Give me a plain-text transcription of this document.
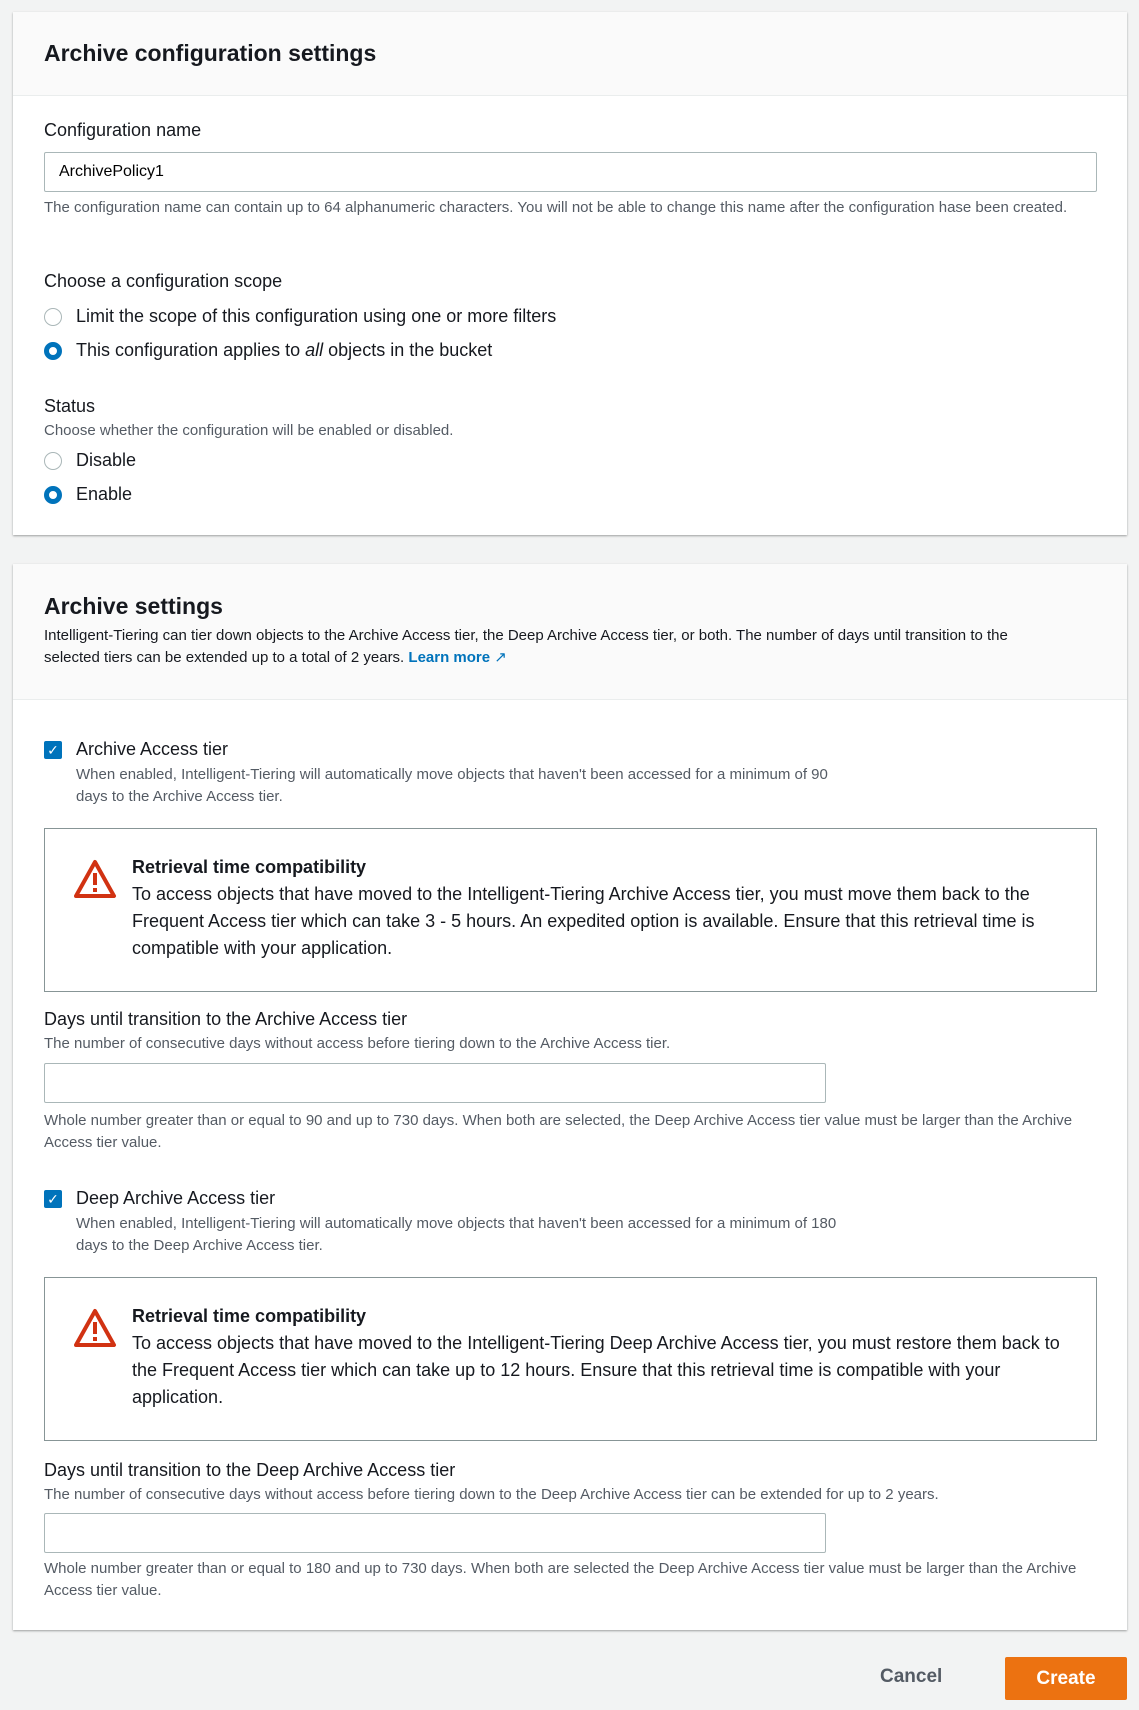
Archive configuration settings
Configuration name
ArchivePolicy1
The configuration name can contain up to 64 alphanumeric characters. You will not be able to change this name after the configuration hase been created.
Choose a configuration scope
Limit the scope of this configuration using one or more filters
This configuration applies to all objects in the bucket
Status
Choose whether the configuration will be enabled or disabled.
Disable
Enable
Archive settings
Intelligent-Tiering can tier down objects to the Archive Access tier, the Deep Archive Access tier, or both. The number of days until transition to the selected tiers can be extended up to a total of 2 years. Learn more ↗
✓ Archive Access tier
When enabled, Intelligent-Tiering will automatically move objects that haven't been accessed for a minimum of 90 days to the Archive Access tier.
Retrieval time compatibility
To access objects that have moved to the Intelligent-Tiering Archive Access tier, you must move them back to the Frequent Access tier which can take 3 - 5 hours. An expedited option is available. Ensure that this retrieval time is compatible with your application.
Days until transition to the Archive Access tier
The number of consecutive days without access before tiering down to the Archive Access tier.
Whole number greater than or equal to 90 and up to 730 days. When both are selected, the Deep Archive Access tier value must be larger than the Archive Access tier value.
✓ Deep Archive Access tier
When enabled, Intelligent-Tiering will automatically move objects that haven't been accessed for a minimum of 180 days to the Deep Archive Access tier.
Retrieval time compatibility
To access objects that have moved to the Intelligent-Tiering Deep Archive Access tier, you must restore them back to the Frequent Access tier which can take up to 12 hours. Ensure that this retrieval time is compatible with your application.
Days until transition to the Deep Archive Access tier
The number of consecutive days without access before tiering down to the Deep Archive Access tier can be extended for up to 2 years.
Whole number greater than or equal to 180 and up to 730 days. When both are selected the Deep Archive Access tier value must be larger than the Archive Access tier value.
Cancel	Create
